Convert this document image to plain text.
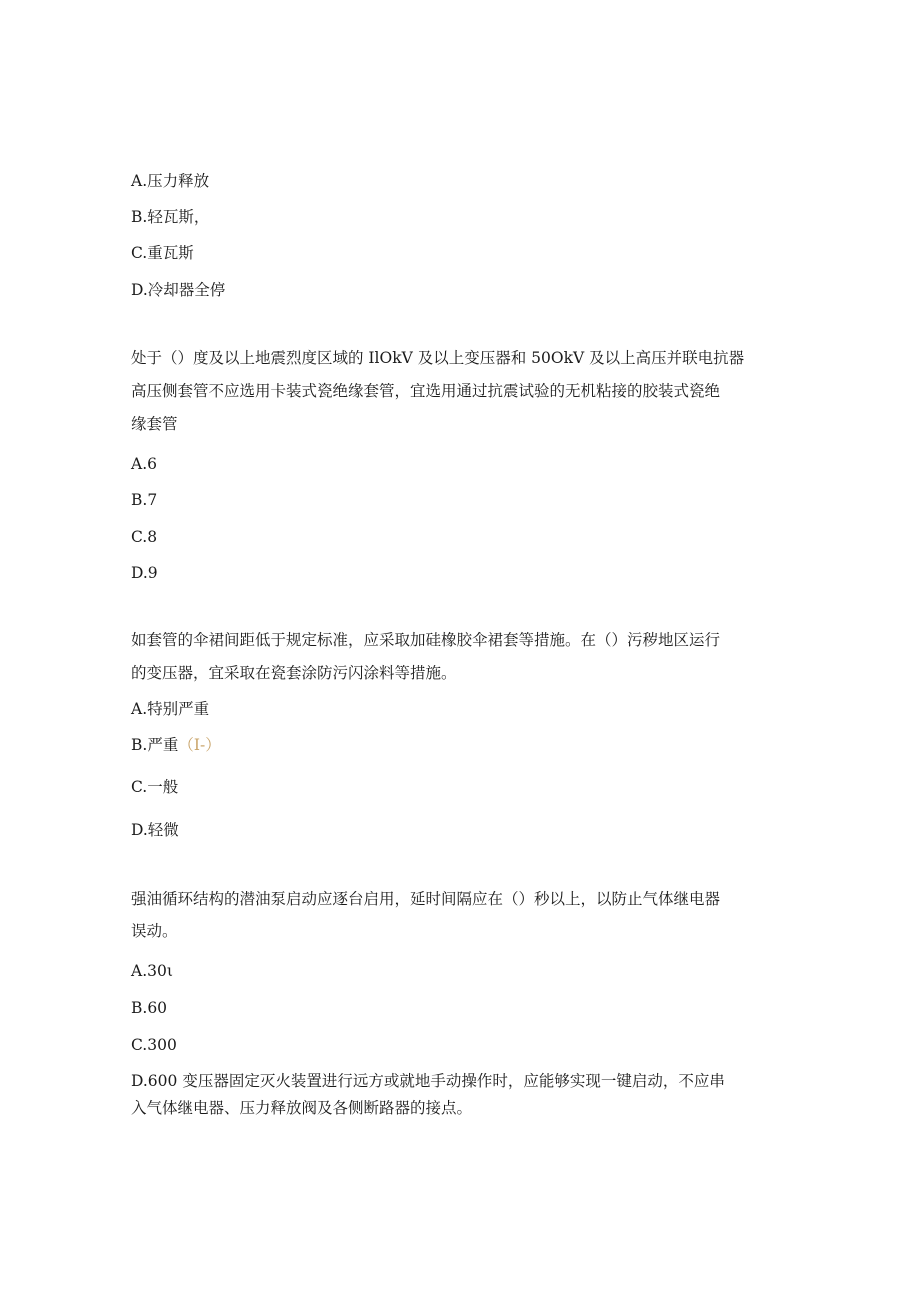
A.压力释放
B.轻瓦斯，
C.重瓦斯
D.冷却器全停
处于（）度及以上地震烈度区域的 IlOkV 及以上变压器和 50OkV 及以上高压并联电抗器
高压侧套管不应选用卡装式瓷绝缘套管，宜选用通过抗震试验的无机粘接的胶装式瓷绝
缘套管
A.6
B.7
C.8
D.9
如套管的伞裙间距低于规定标准，应采取加硅橡胶伞裙套等措施。在（）污秽地区运行
的变压器，宜采取在瓷套涂防污闪涂料等措施。
A.特别严重
B.严重（I-）
C.一般
D.轻微
强油循环结构的潜油泵启动应逐台启用，延时间隔应在（）秒以上，以防止气体继电器
误动。
A.30ι
B.60
C.300
D.600 变压器固定灭火装置进行远方或就地手动操作时，应能够实现一键启动，不应串
入气体继电器、压力释放阀及各侧断路器的接点。
